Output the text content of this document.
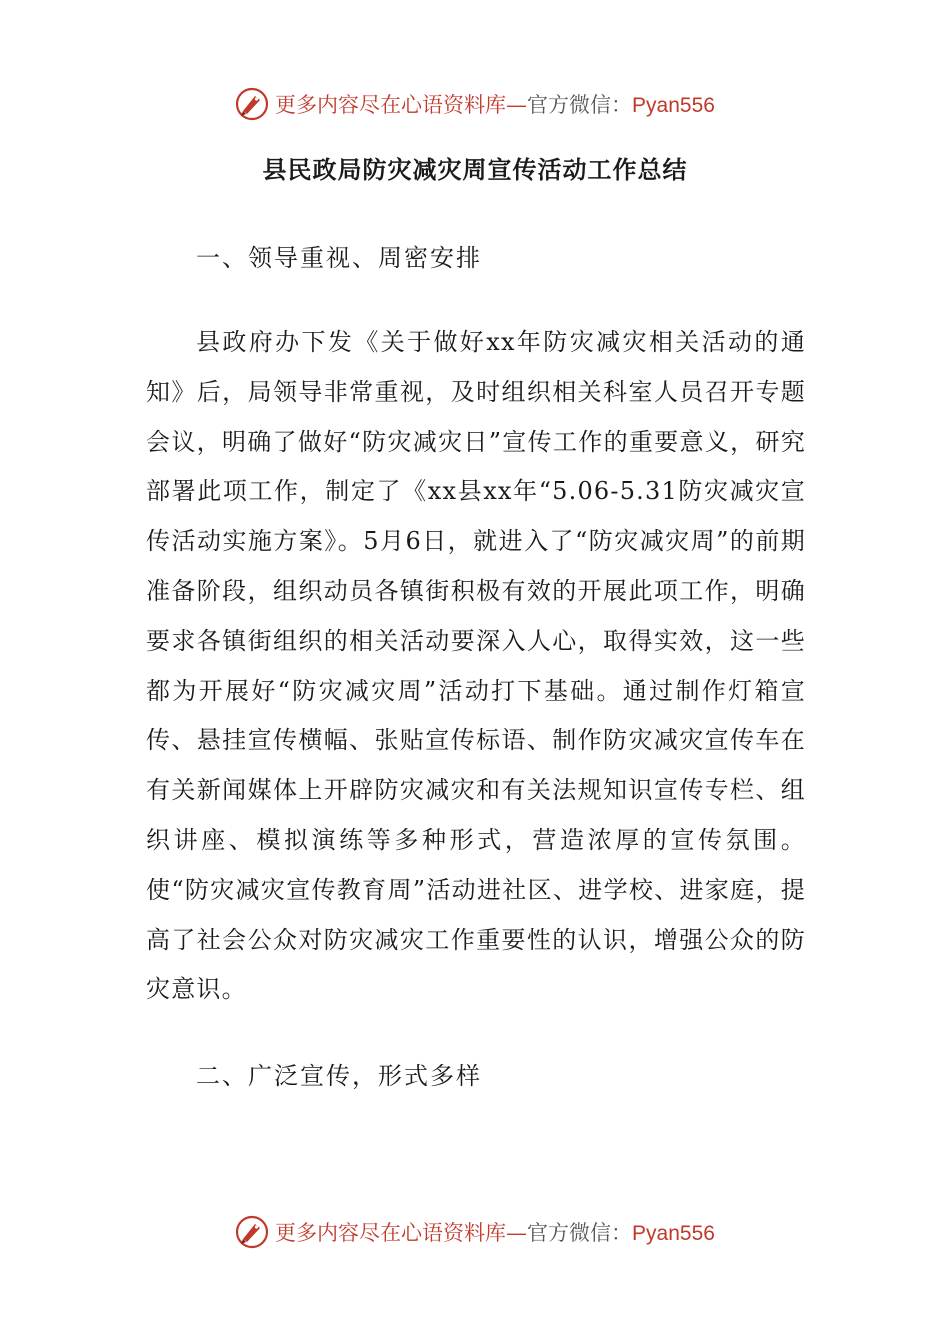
更多内容尽在心语资料库—官方微信：Pyan556
县民政局防灾减灾周宣传活动工作总结
一、领导重视、周密安排

县政府办下发《关于做好xx年防灾减灾相关活动的通知》后，局领导非常重视，及时组织相关科室人员召开专题会议，明确了做好“防灾减灾日”宣传工作的重要意义，研究部署此项工作，制定了《xx县xx年“5.06-5.31防灾减灾宣传活动实施方案》。5月6日，就进入了“防灾减灾周”的前期准备阶段，组织动员各镇街积极有效的开展此项工作，明确要求各镇街组织的相关活动要深入人心，取得实效，这一些都为开展好“防灾减灾周”活动打下基础。通过制作灯箱宣传、悬挂宣传横幅、张贴宣传标语、制作防灾减灾宣传车在有关新闻媒体上开辟防灾减灾和有关法规知识宣传专栏、组织讲座、模拟演练等多种形式，营造浓厚的宣传氛围。使“防灾减灾宣传教育周”活动进社区、进学校、进家庭，提高了社会公众对防灾减灾工作重要性的认识，增强公众的防灾意识。

二、广泛宣传，形式多样
更多内容尽在心语资料库—官方微信：Pyan556
